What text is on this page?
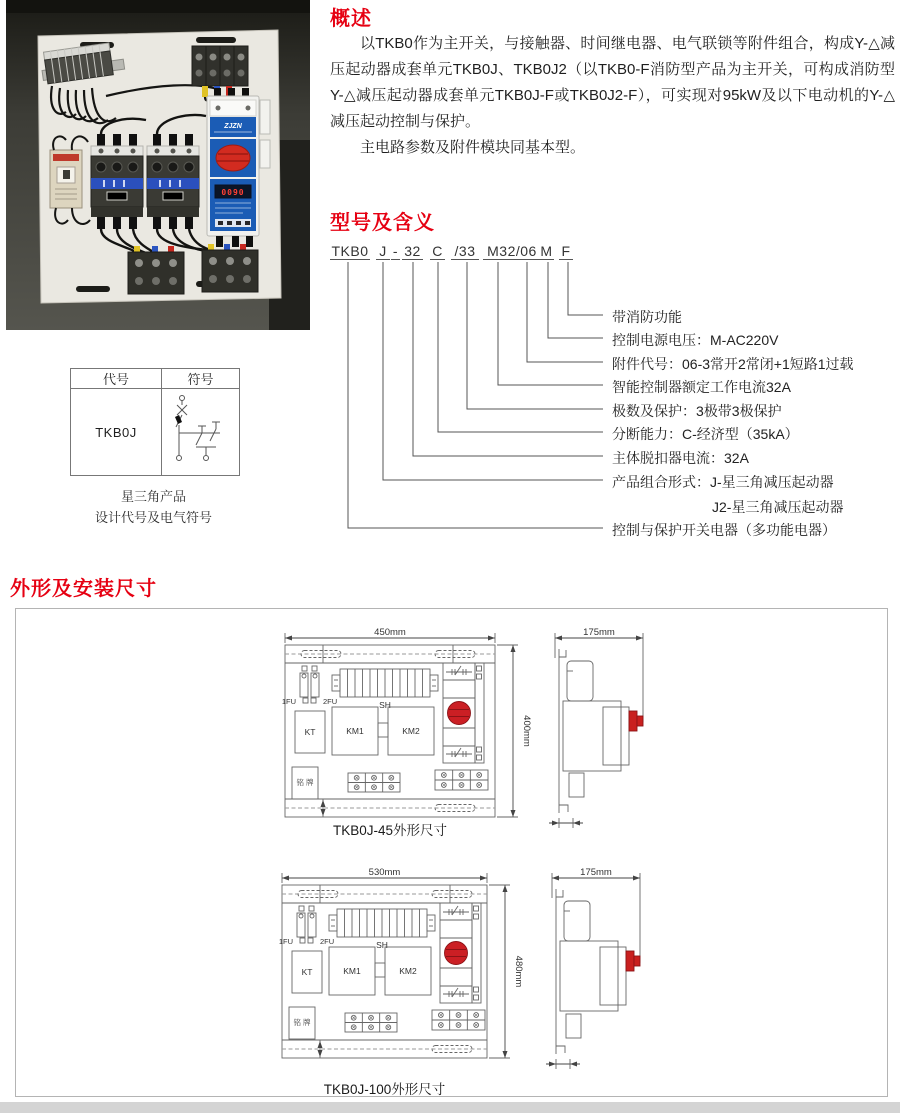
ZJZN
0090
概述

以TKB0作为主开关，与接触器、时间继电器、电气联锁等附件组合，构成Y-△减压起动器成套单元TKB0J、TKB0J2（以TKB0-F消防型产品为主开关，可构成消防型Y-△减压起动器成套单元TKB0J-F或TKB0J2-F），可实现对95kW及以下电动机的Y-△减压起动控制与保护。

主电路参数及附件模块同基本型。

型号及含义
TKB0 J - 32 C /33 M32/06 M F
带消防功能
控制电源电压：M-AC220V
附件代号：06-3常开2常闭+1短路1过载
智能控制器额定工作电流32A
极数及保护：3极带3极保护
分断能力：C-经济型（35kA）
主体脱扣器电流：32A
产品组合形式：J-星三角减压起动器
J2-星三角减压起动器
控制与保护开关电器（多功能电器）
代号	符号
TKB0J	
星三角产品
设计代号及电气符号
外形及安装尺寸
1FU	2FU	SH
KT	KM1	KM2
铭 牌
450mm
400mm
175mm
TKB0J-45外形尺寸
1FU	2FU	SH
KT	KM1	KM2
铭 牌
530mm
480mm
175mm
TKB0J-100外形尺寸
